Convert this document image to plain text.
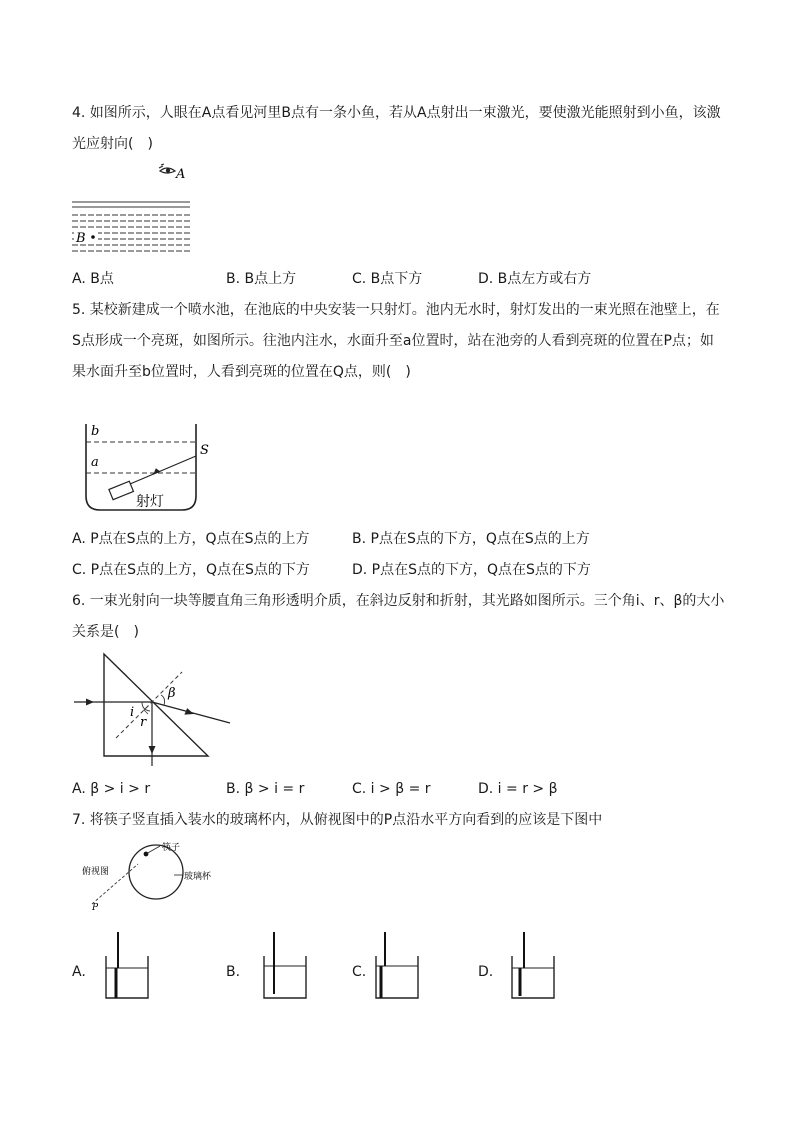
4. 如图所示，人眼在A点看见河里B点有一条小鱼，若从A点射出一束激光，要使激光能照射到小鱼，该激
光应射向(　)
A
B
A. B点	B. B点上方	C. B点下方	D. B点左方或右方
5. 某校新建成一个喷水池，在池底的中央安装一只射灯。池内无水时，射灯发出的一束光照在池壁上，在
S点形成一个亮斑，如图所示。往池内注水，水面升至a位置时，站在池旁的人看到亮斑的位置在P点；如
果水面升至b位置时，人看到亮斑的位置在Q点，则(　)
b
a
S
射灯
A. P点在S点的上方，Q点在S点的上方	B. P点在S点的下方，Q点在S点的上方
C. P点在S点的上方，Q点在S点的下方	D. P点在S点的下方，Q点在S点的下方
6. 一束光射向一块等腰直角三角形透明介质，在斜边反射和折射，其光路如图所示。三个角i、r、β的大小
关系是(　)
β
i
r
A. β > i > r	B. β > i = r	C. i > β = r	D. i = r > β
7. 将筷子竖直插入装水的玻璃杯内，从俯视图中的P点沿水平方向看到的应该是下图中
筷子
玻璃杯
俯视图
P
A.	B.	C.	D.
